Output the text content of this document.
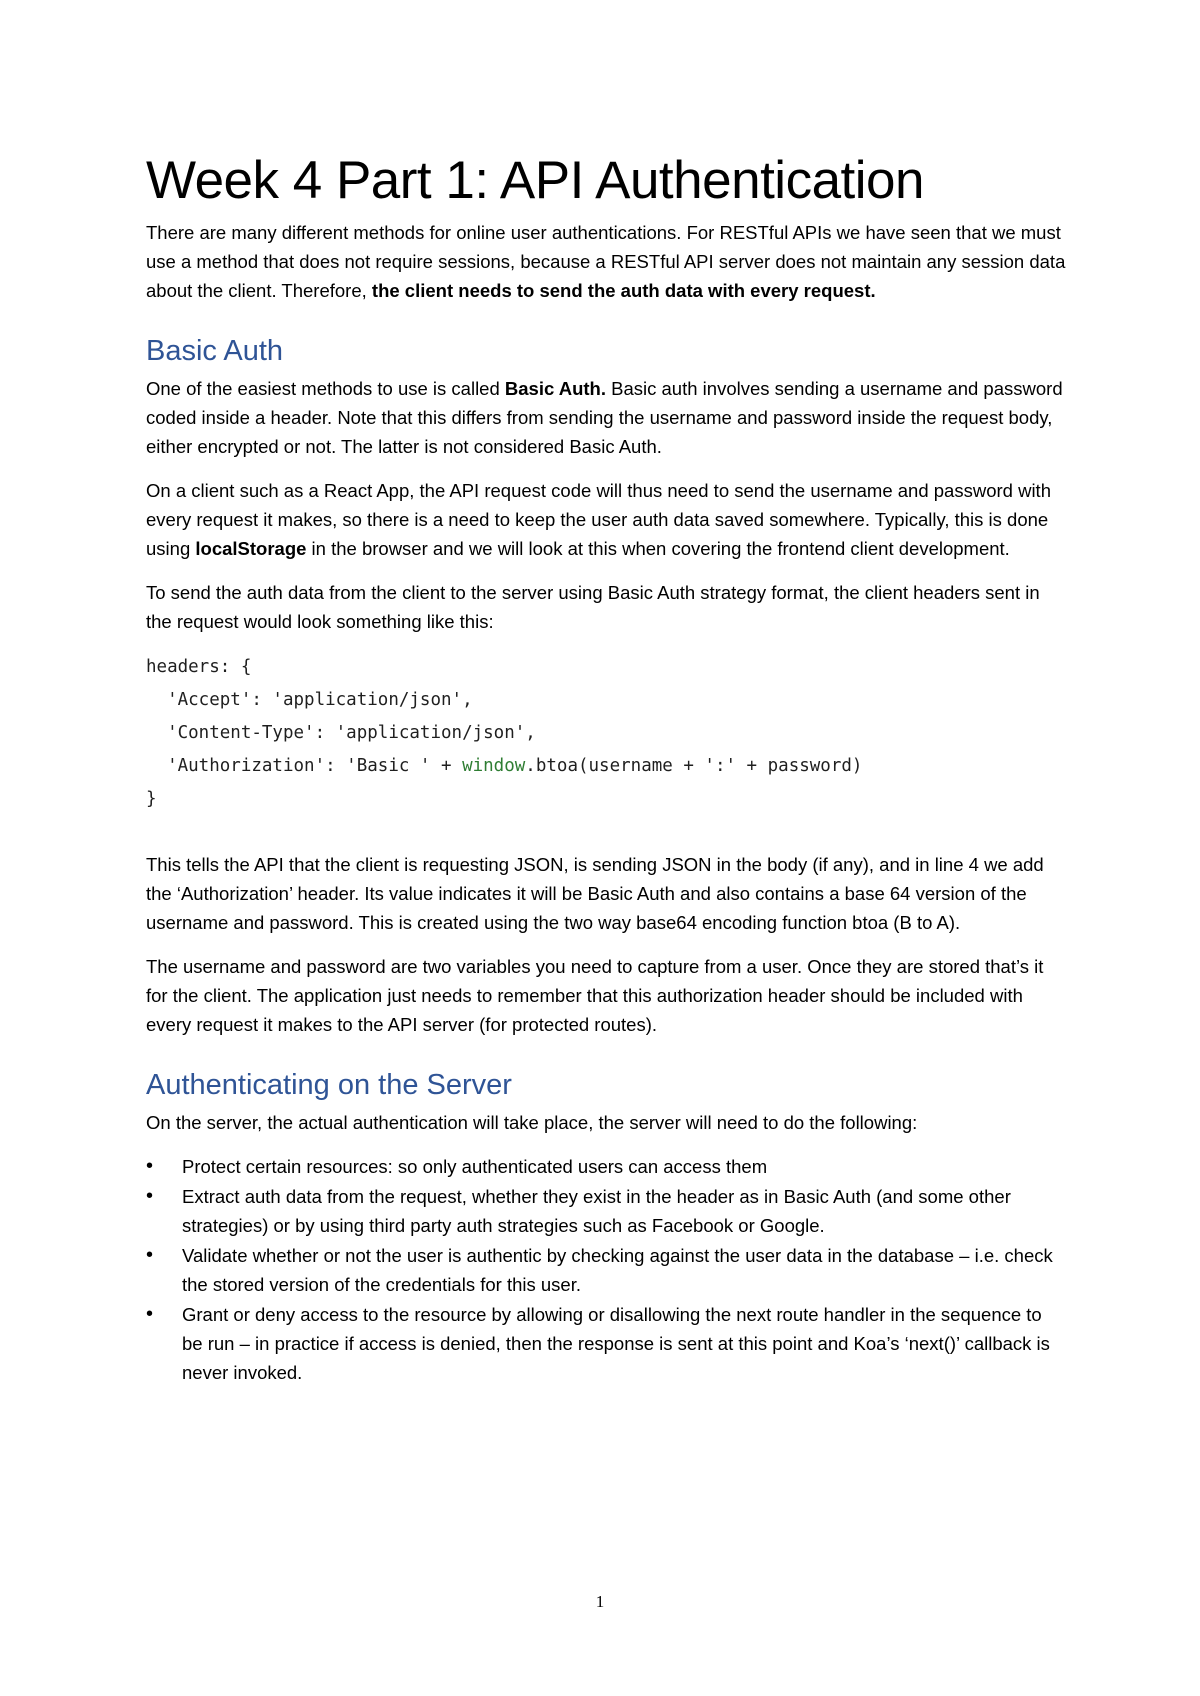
Week 4 Part 1: API Authentication

There are many different methods for online user authentications. For RESTful APIs we have seen that we must use a method that does not require sessions, because a RESTful API server does not maintain any session data about the client. Therefore, the client needs to send the auth data with every request.

Basic Auth

One of the easiest methods to use is called Basic Auth. Basic auth involves sending a username and password coded inside a header. Note that this differs from sending the username and password inside the request body, either encrypted or not. The latter is not considered Basic Auth.

On a client such as a React App, the API request code will thus need to send the username and password with every request it makes, so there is a need to keep the user auth data saved somewhere. Typically, this is done using localStorage in the browser and we will look at this when covering the frontend client development.

To send the auth data from the client to the server using Basic Auth strategy format, the client headers sent in the request would look something like this:

headers: {
'Accept': 'application/json',
'Content-Type': 'application/json',
'Authorization': 'Basic ' + window.btoa(username + ':' + password)
}

This tells the API that the client is requesting JSON, is sending JSON in the body (if any), and in line 4 we add the ‘Authorization’ header. Its value indicates it will be Basic Auth and also contains a base 64 version of the username and password. This is created using the two way base64 encoding function btoa (B to A).

The username and password are two variables you need to capture from a user. Once they are stored that’s it for the client. The application just needs to remember that this authorization header should be included with every request it makes to the API server (for protected routes).

Authenticating on the Server

On the server, the actual authentication will take place, the server will need to do the following:

• Protect certain resources: so only authenticated users can access them
• Extract auth data from the request, whether they exist in the header as in Basic Auth (and some other strategies) or by using third party auth strategies such as Facebook or Google.
• Validate whether or not the user is authentic by checking against the user data in the database – i.e. check the stored version of the credentials for this user.
• Grant or deny access to the resource by allowing or disallowing the next route handler in the sequence to be run – in practice if access is denied, then the response is sent at this point and Koa’s ‘next()’ callback is never invoked.
1
